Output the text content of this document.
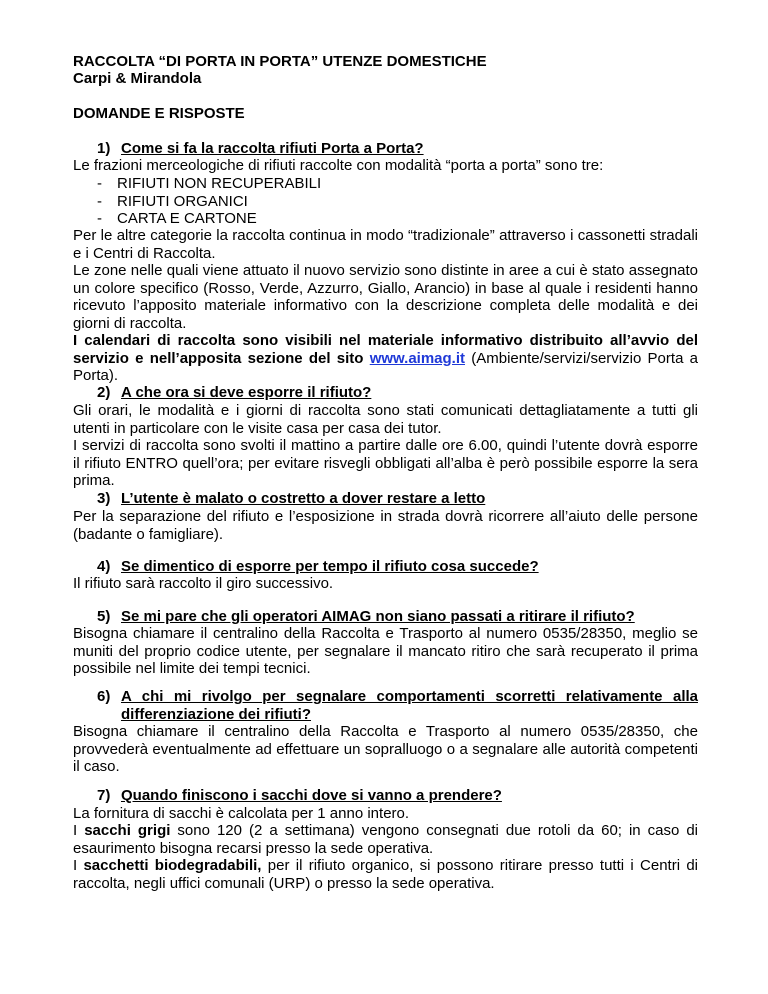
RACCOLTA “DI PORTA IN PORTA” UTENZE DOMESTICHE
Carpi & Mirandola
DOMANDE E RISPOSTE
1) Come si fa la raccolta rifiuti Porta a Porta?
Le frazioni merceologiche di rifiuti raccolte con modalità “porta a porta” sono tre:
- RIFIUTI NON RECUPERABILI
- RIFIUTI ORGANICI
- CARTA E CARTONE
Per le altre categorie la raccolta continua in modo “tradizionale” attraverso i cassonetti stradali e i Centri di Raccolta.
Le zone nelle quali viene attuato il nuovo servizio sono distinte in aree a cui è stato assegnato un colore specifico (Rosso, Verde, Azzurro, Giallo, Arancio) in base al quale i residenti hanno ricevuto l’apposito materiale informativo con la descrizione completa delle modalità e dei giorni di raccolta.
I calendari di raccolta sono visibili nel materiale informativo distribuito all’avvio del servizio e nell’apposita sezione del sito www.aimag.it (Ambiente/servizi/servizio Porta a Porta).
2) A che ora si deve esporre il rifiuto?
Gli orari, le modalità e i giorni di raccolta sono stati comunicati dettagliatamente a tutti gli utenti in particolare con le visite casa per casa dei tutor.
I servizi di raccolta sono svolti il mattino a partire dalle ore 6.00, quindi l’utente dovrà esporre il rifiuto ENTRO quell’ora; per evitare risvegli obbligati all’alba è però possibile esporre la sera prima.
3) L’utente è malato o costretto a dover restare a letto
Per la separazione del rifiuto e l’esposizione in strada dovrà ricorrere all’aiuto delle persone (badante o famigliare).
4) Se dimentico di esporre per tempo il rifiuto cosa succede?
Il rifiuto sarà raccolto il giro successivo.
5) Se mi pare che gli operatori AIMAG non siano passati a ritirare il rifiuto?
Bisogna chiamare il centralino della Raccolta e Trasporto al numero 0535/28350, meglio se muniti del proprio codice utente, per segnalare il mancato ritiro che sarà recuperato il prima possibile nel limite dei tempi tecnici.
6) A chi mi rivolgo per segnalare comportamenti scorretti relativamente alla differenziazione dei rifiuti?
Bisogna chiamare il centralino della Raccolta e Trasporto al numero 0535/28350, che provvederà eventualmente ad effettuare un sopralluogo o a segnalare alle autorità competenti il caso.
7) Quando finiscono i sacchi dove si vanno a prendere?
La fornitura di sacchi è calcolata per 1 anno intero.
I sacchi grigi sono 120 (2 a settimana) vengono consegnati due rotoli da 60; in caso di esaurimento bisogna recarsi presso la sede operativa.
I sacchetti biodegradabili, per il rifiuto organico, si possono ritirare presso tutti i Centri di raccolta, negli uffici comunali (URP) o presso la sede operativa.
